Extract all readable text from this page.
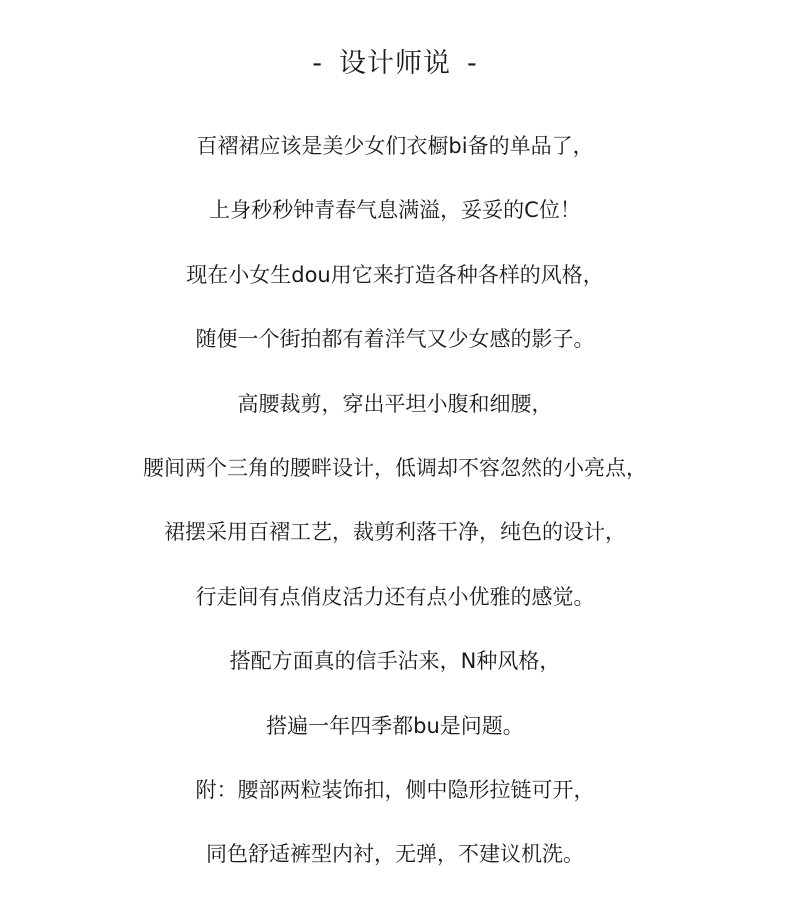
- 设计师说 -
百褶裙应该是美少女们衣橱bi备的单品了，
上身秒秒钟青春气息满溢，妥妥的C位！
现在小女生dou用它来打造各种各样的风格，
随便一个街拍都有着洋气又少女感的影子。
高腰裁剪，穿出平坦小腹和细腰，
腰间两个三角的腰畔设计，低调却不容忽然的小亮点，
裙摆采用百褶工艺，裁剪利落干净，纯色的设计，
行走间有点俏皮活力还有点小优雅的感觉。
搭配方面真的信手沾来，N种风格，
搭遍一年四季都bu是问题。
附：腰部两粒装饰扣，侧中隐形拉链可开，
同色舒适裤型内衬，无弹，不建议机洗。
